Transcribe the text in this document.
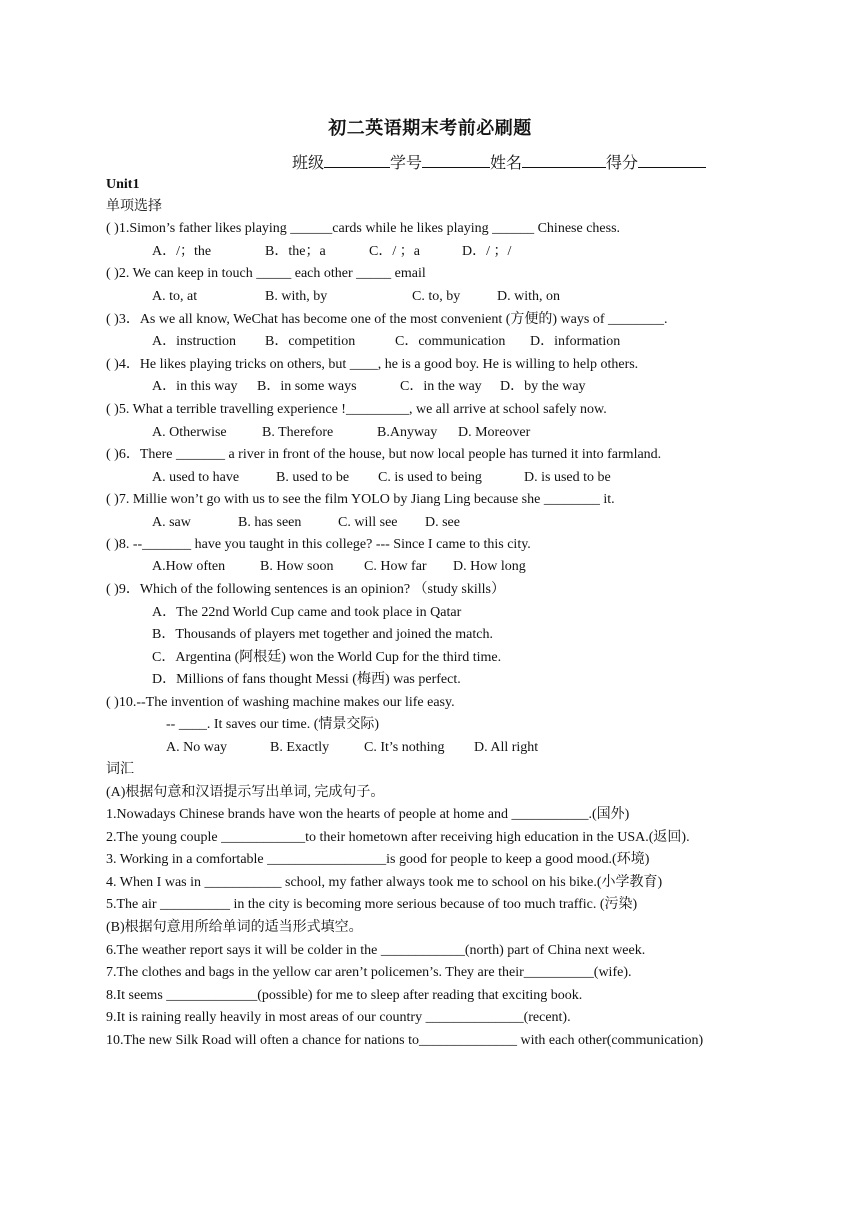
初二英语期末考前必刷题
班级	学号	姓名	得分
Unit1
单项选择
( )1.Simon’s father likes playing ______cards while he likes playing ______ Chinese chess.
A．/；the	B．the；a	C．/ ；a	D．/ ；/
( )2. We can keep in touch _____ each other _____ email
A. to, at	B. with, by	C. to, by	D. with, on
( )3．As we all know, WeChat has become one of the most convenient (方便的) ways of ________.
A．instruction B．competition	C．communication D．information
( )4．He likes playing tricks on others, but ____, he is a good boy. He is willing to help others.
A．in this way B．in some ways	C．in the way D．by the way
( )5. What a terrible travelling experience !_________, we all arrive at school safely now.
A. Otherwise	B. Therefore	B.Anyway D. Moreover
( )6．There _______ a river in front of the house, but now local people has turned it into farmland.
A. used to have	B. used to be C. is used to being	D. is used to be
( )7. Millie won’t go with us to see the film YOLO by Jiang Ling because she ________ it.
A. saw	B. has seen	C. will see D. see
( )8. --_______ have you taught in this college? --- Since I came to this city.
A.How often B. How soon C. How far D. How long
( )9．Which of the following sentences is an opinion? （study skills）
A．The 22nd World Cup came and took place in Qatar
B．Thousands of players met together and joined the match.
C．Argentina (阿根廷) won the World Cup for the third time.
D．Millions of fans thought Messi (梅西) was perfect.
( )10.--The invention of washing machine makes our life easy.
-- ____. It saves our time. (情景交际)
A. No way	B. Exactly C. It’s nothing D. All right
词汇
(A)根据句意和汉语提示写出单词, 完成句子。
1.Nowadays Chinese brands have won the hearts of people at home and ___________.(国外)
2.The young couple ____________to their hometown after receiving high education in the USA.(返回).
3. Working in a comfortable _________________is good for people to keep a good mood.(环境)
4. When I was in ___________ school, my father always took me to school on his bike.(小学教育)
5.The air __________ in the city is becoming more serious because of too much traffic. (污染)
(B)根据句意用所给单词的适当形式填空。
6.The weather report says it will be colder in the ____________(north) part of China next week.
7.The clothes and bags in the yellow car aren’t policemen’s. They are their__________(wife).
8.It seems _____________(possible) for me to sleep after reading that exciting book.
9.It is raining really heavily in most areas of our country ______________(recent).
10.The new Silk Road will often a chance for nations to______________ with each other(communication)
